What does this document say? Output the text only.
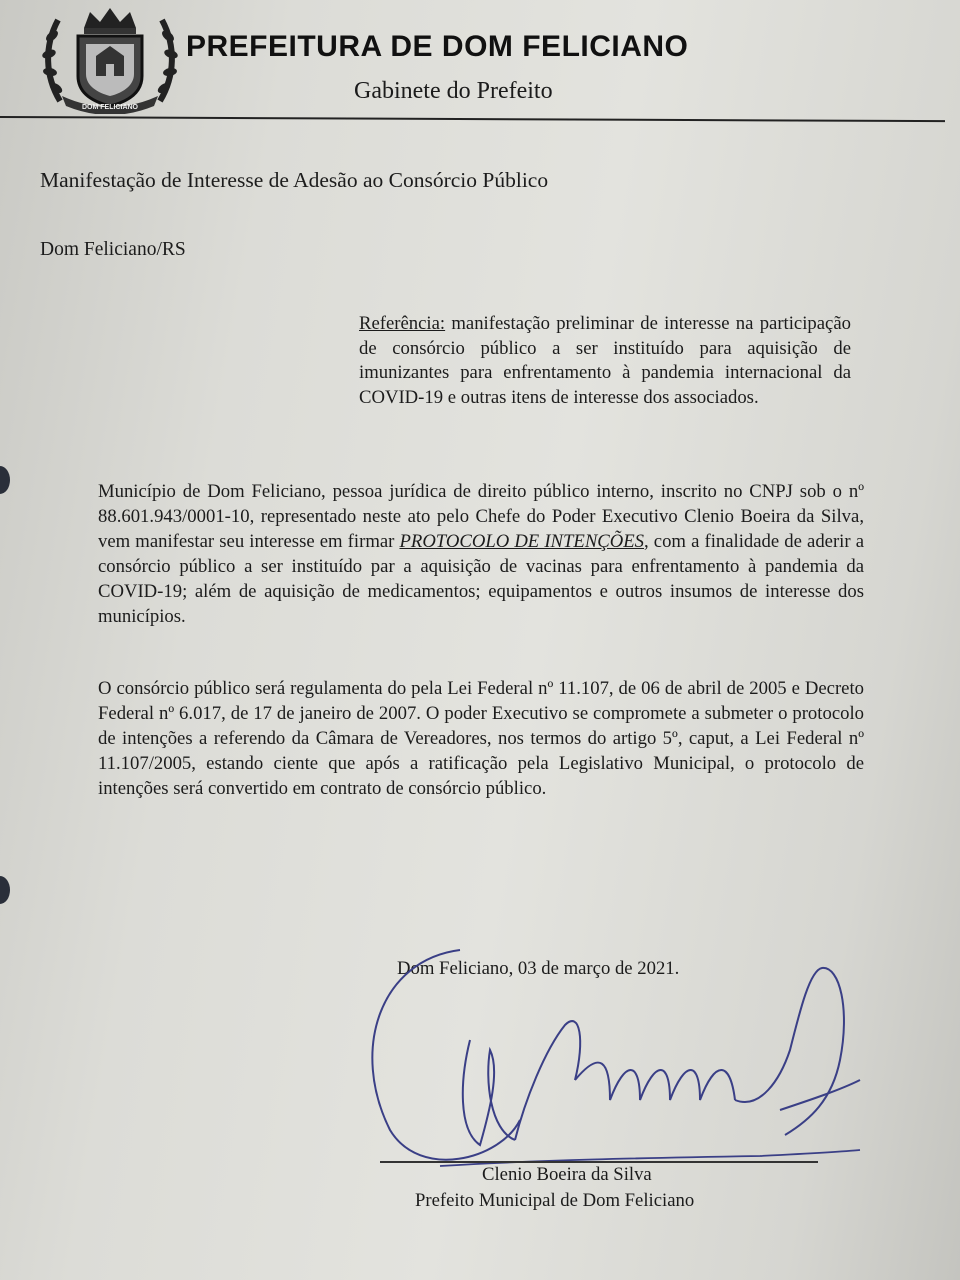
DOM FELICIANO
PREFEITURA DE DOM FELICIANO
Gabinete do Prefeito
Manifestação de Interesse de Adesão ao Consórcio Público
Dom Feliciano/RS
Referência: manifestação preliminar de interesse na participação de consórcio público a ser instituído para aquisição de imunizantes para enfrentamento à pandemia internacional da COVID-19 e outras itens de interesse dos associados.
Município de Dom Feliciano, pessoa jurídica de direito público interno, inscrito no CNPJ sob o nº 88.601.943/0001-10, representado neste ato pelo Chefe do Poder Executivo Clenio Boeira da Silva, vem manifestar seu interesse em firmar PROTOCOLO DE INTENÇÕES, com a finalidade de aderir a consórcio público a ser instituído par a aquisição de vacinas para enfrentamento à pandemia da COVID-19; além de aquisição de medicamentos; equipamentos e outros insumos de interesse dos municípios.
O consórcio público será regulamenta do pela Lei Federal nº 11.107, de 06 de abril de 2005 e Decreto Federal nº 6.017, de 17 de janeiro de 2007. O poder Executivo se compromete a submeter o protocolo de intenções a referendo da Câmara de Vereadores, nos termos do artigo 5º, caput, a Lei Federal nº 11.107/2005, estando ciente que após a ratificação pela Legislativo Municipal, o protocolo de intenções será convertido em contrato de consórcio público.
Dom Feliciano, 03 de março de 2021.
Clenio Boeira da Silva
Prefeito Municipal de Dom Feliciano
